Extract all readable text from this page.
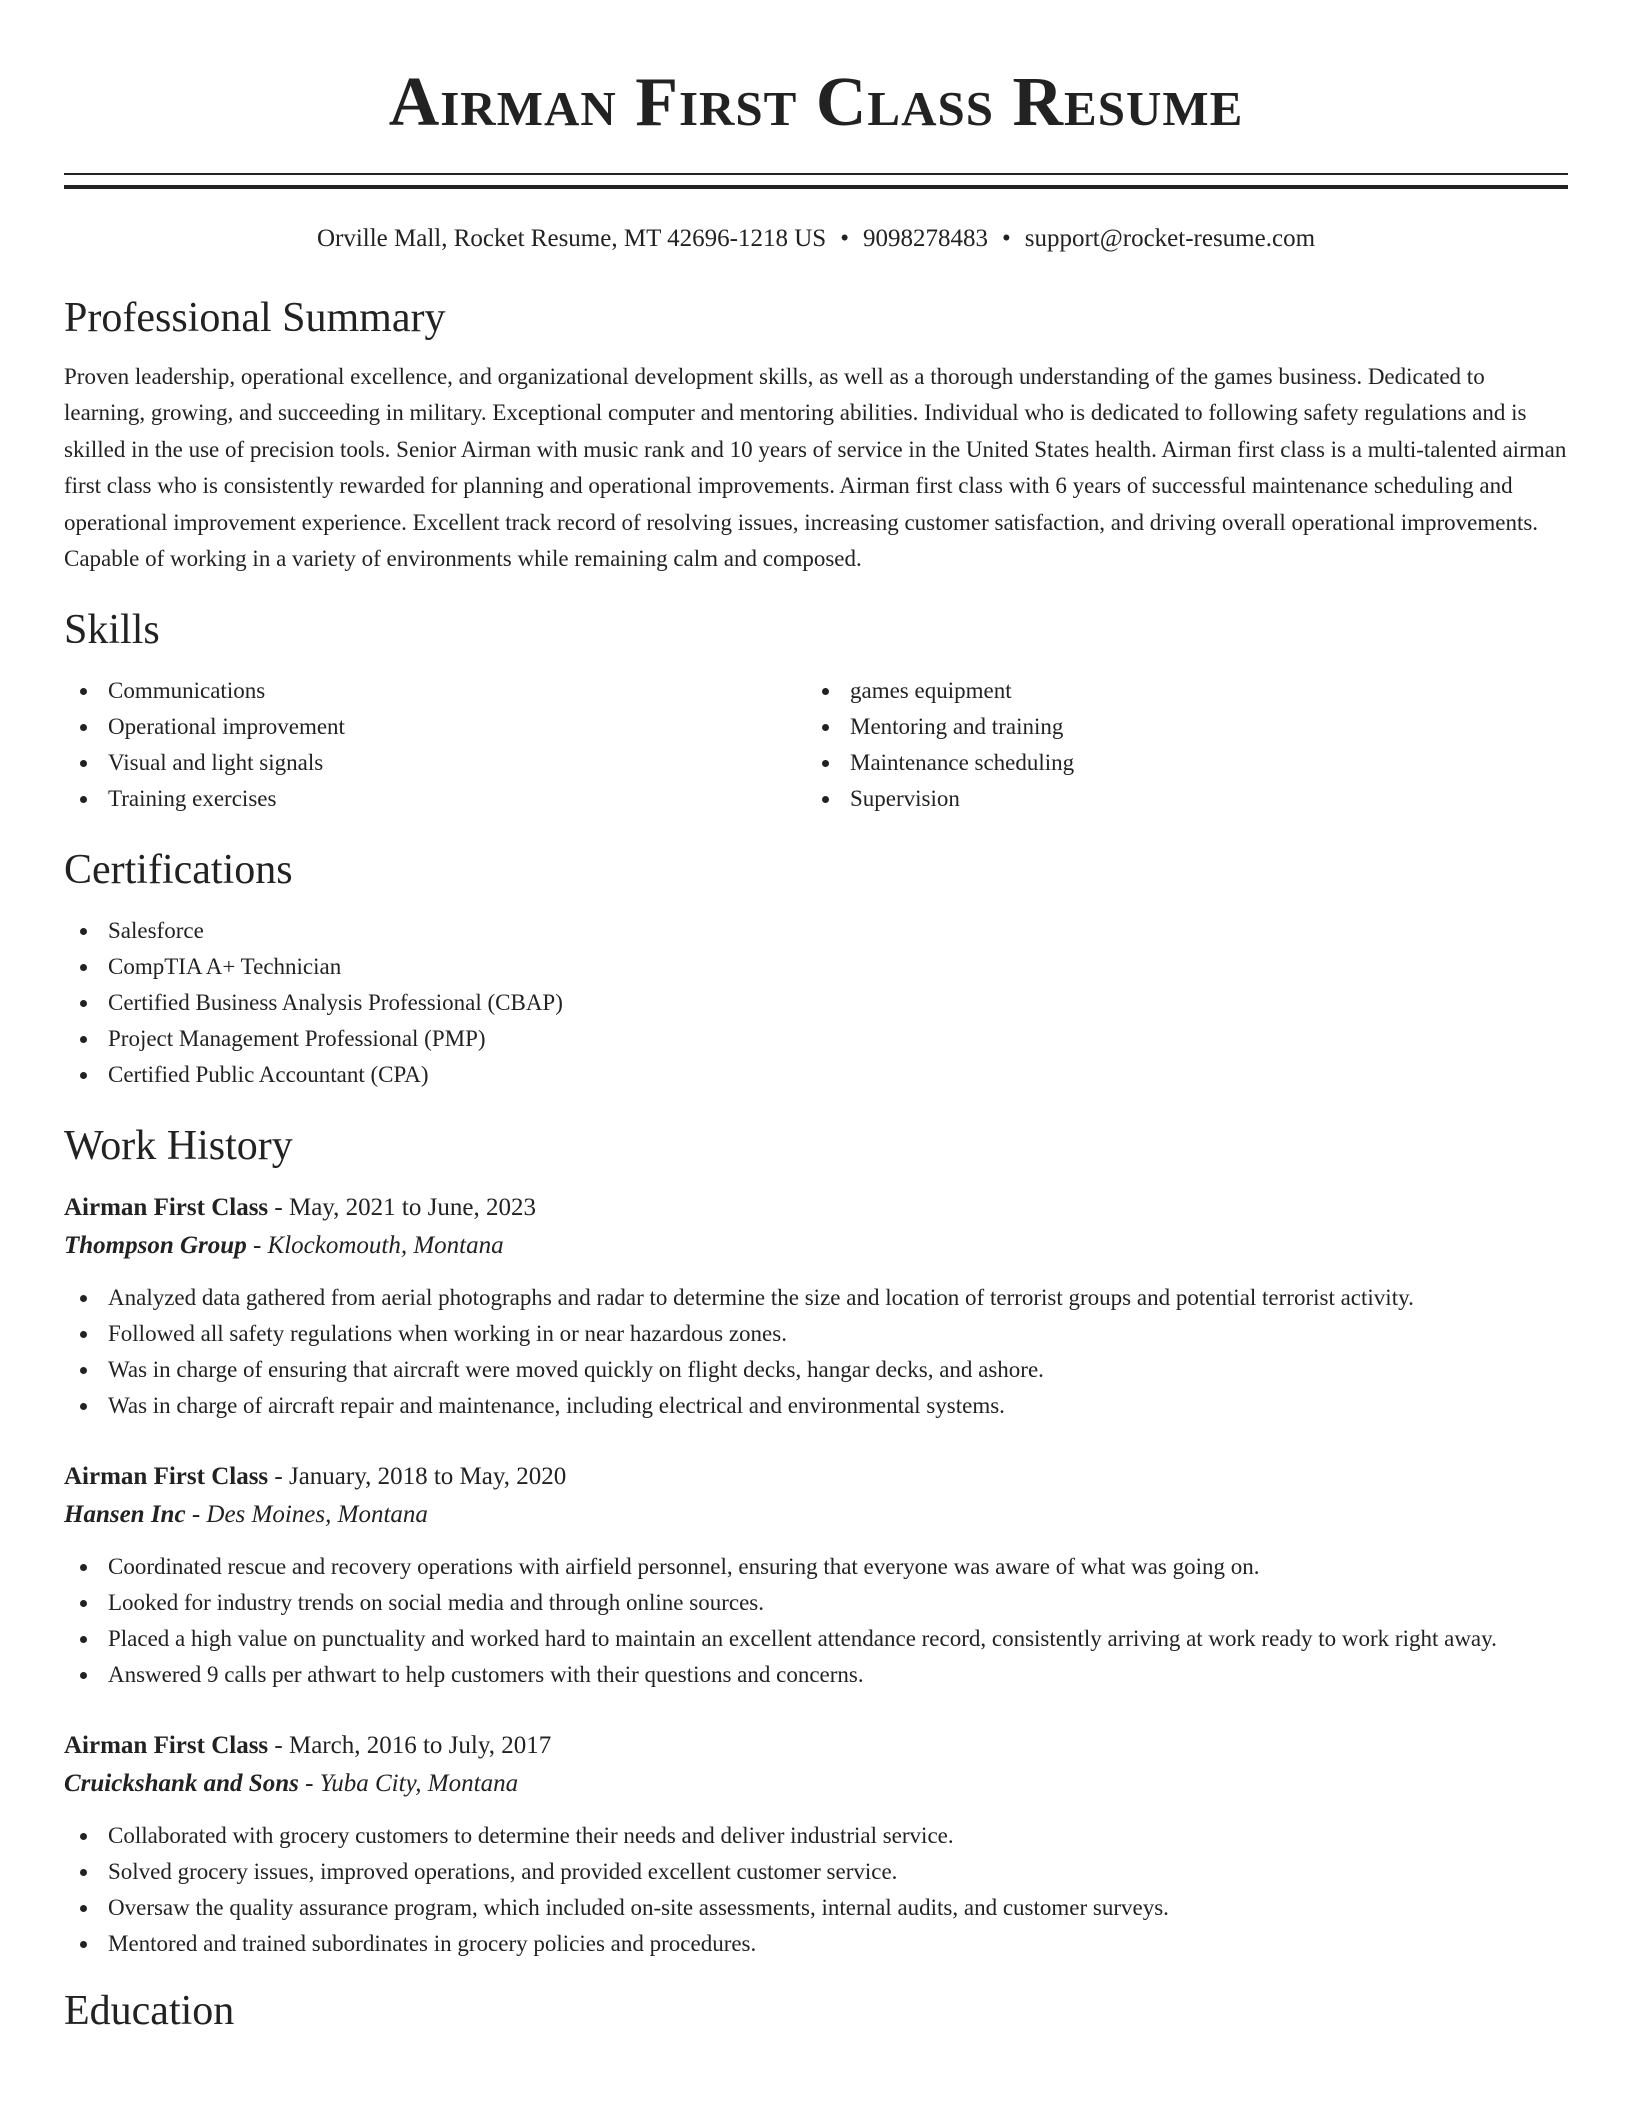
Airman First Class Resume
Orville Mall, Rocket Resume, MT 42696-1218 US • 9098278483 • support@rocket-resume.com
Professional Summary

Proven leadership, operational excellence, and organizational development skills, as well as a thorough understanding of the games business. Dedicated to learning, growing, and succeeding in military. Exceptional computer and mentoring abilities. Individual who is dedicated to following safety regulations and is skilled in the use of precision tools. Senior Airman with music rank and 10 years of service in the United States health. Airman first class is a multi-talented airman first class who is consistently rewarded for planning and operational improvements. Airman first class with 6 years of successful maintenance scheduling and operational improvement experience. Excellent track record of resolving issues, increasing customer satisfaction, and driving overall operational improvements. Capable of working in a variety of environments while remaining calm and composed.

Skills
Communications
Operational improvement
Visual and light signals
Training exercises
games equipment
Mentoring and training
Maintenance scheduling
Supervision
Certifications
Salesforce
CompTIA A+ Technician
Certified Business Analysis Professional (CBAP)
Project Management Professional (PMP)
Certified Public Accountant (CPA)
Work History
Airman First Class - May, 2021 to June, 2023
Thompson Group - Klockomouth, Montana
Analyzed data gathered from aerial photographs and radar to determine the size and location of terrorist groups and potential terrorist activity.
Followed all safety regulations when working in or near hazardous zones.
Was in charge of ensuring that aircraft were moved quickly on flight decks, hangar decks, and ashore.
Was in charge of aircraft repair and maintenance, including electrical and environmental systems.
Airman First Class - January, 2018 to May, 2020
Hansen Inc - Des Moines, Montana
Coordinated rescue and recovery operations with airfield personnel, ensuring that everyone was aware of what was going on.
Looked for industry trends on social media and through online sources.
Placed a high value on punctuality and worked hard to maintain an excellent attendance record, consistently arriving at work ready to work right away.
Answered 9 calls per athwart to help customers with their questions and concerns.
Airman First Class - March, 2016 to July, 2017
Cruickshank and Sons - Yuba City, Montana
Collaborated with grocery customers to determine their needs and deliver industrial service.
Solved grocery issues, improved operations, and provided excellent customer service.
Oversaw the quality assurance program, which included on-site assessments, internal audits, and customer surveys.
Mentored and trained subordinates in grocery policies and procedures.
Education
